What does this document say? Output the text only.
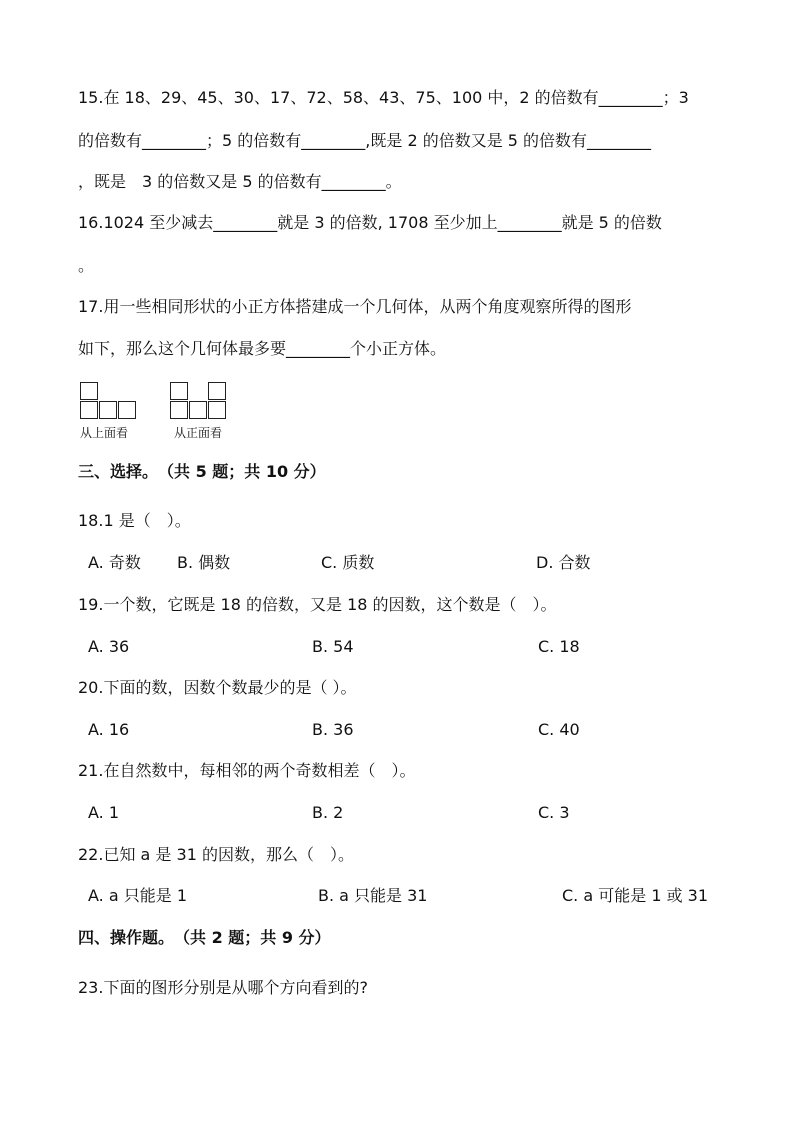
15.在 18、29、45、30、17、72、58、43、75、100 中，2 的倍数有________；3
的倍数有________；5 的倍数有________,既是 2 的倍数又是 5 的倍数有________
，既是　3 的倍数又是 5 的倍数有________。
16.1024 至少减去________就是 3 的倍数, 1708 至少加上________就是 5 的倍数
。
17.用一些相同形状的小正方体搭建成一个几何体，从两个角度观察所得的图形
如下，那么这个几何体最多要________个小正方体。
从上面看	从正面看
三、选择。　（共 5 题；共 10 分）
18.1 是（　）。
A. 奇数 B. 偶数	C. 质数	D. 合数
19.一个数，它既是 18 的倍数，又是 18 的因数，这个数是（　）。
A. 36	B. 54	C. 18
20.下面的数，因数个数最少的是（ ）。
A. 16	B. 36	C. 40
21.在自然数中，每相邻的两个奇数相差（　）。
A. 1	B. 2	C. 3
22.已知 a 是 31 的因数，那么（　）。
A. a 只能是 1	B. a 只能是 31	C. a 可能是 1 或 31
四、操作题。　（共 2 题；共 9 分）
23.下面的图形分别是从哪个方向看到的?
